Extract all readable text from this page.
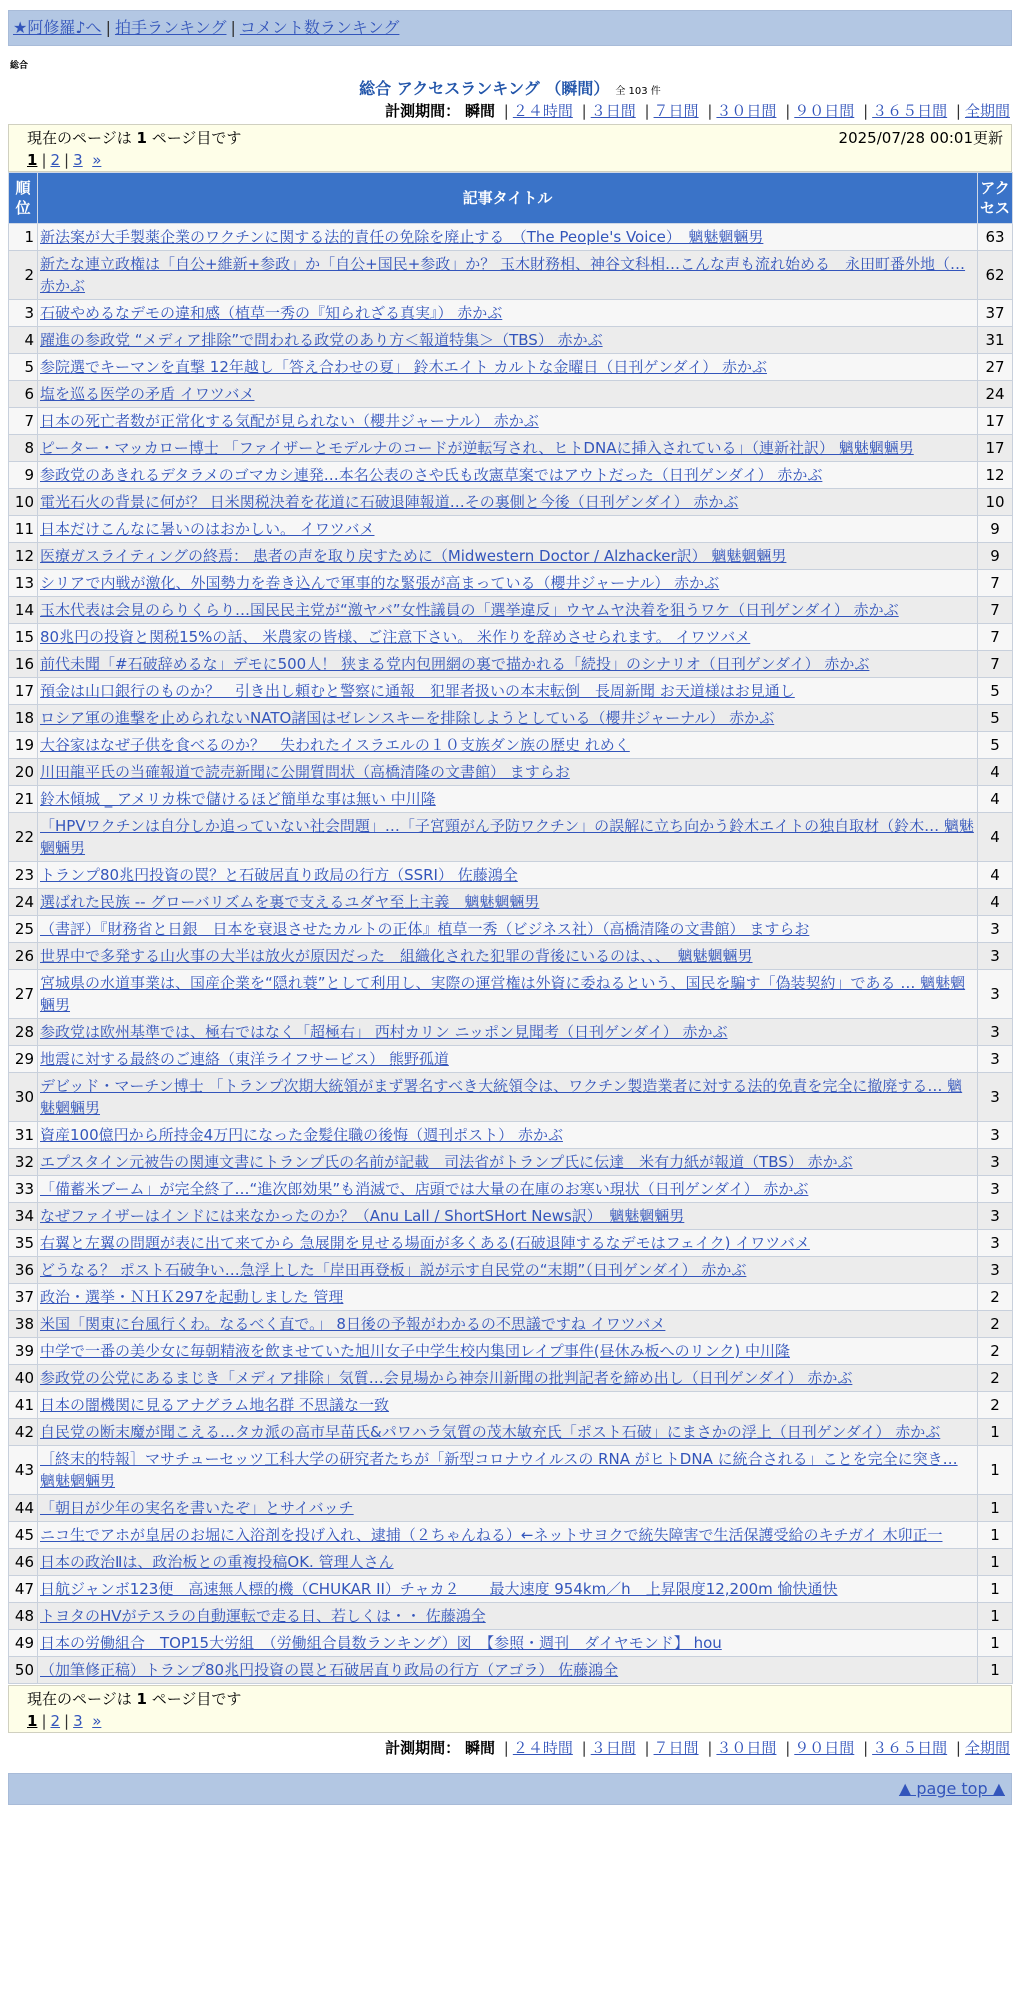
★阿修羅♪へ | 拍手ランキング | コメント数ランキング
総合
総合 アクセスランキング （瞬間） 全 103 件
計測期間： 瞬間 | ２４時間 | ３日間 | ７日間 | ３０日間 | ９０日間 | ３６５日間 | 全期間
現在のページは 1 ページ目です	2025/07/28 00:01更新
1 | 2 | 3 »
順位	記事タイトル	アクセス
1	新法案が大手製薬企業のワクチンに関する法的責任の免除を廃止する　（The People's Voice）　魑魅魍魎男	63
2	新たな連立政権は「自公+維新+参政」か「自公+国民+参政」か？ 玉木財務相、神谷文科相…こんな声も流れ始める　永田町番外地（… 赤かぶ	62
3	石破やめるなデモの違和感（植草一秀の『知られざる真実』） 赤かぶ	37
4	躍進の参政党 “メディア排除”で問われる政党のあり方＜報道特集＞（TBS） 赤かぶ	31
5	参院選でキーマンを直撃 12年越し「答え合わせの夏」 鈴木エイト カルトな金曜日（日刊ゲンダイ） 赤かぶ	27
6	塩を巡る医学の矛盾 イワツバメ	24
7	日本の死亡者数が正常化する気配が見られない（櫻井ジャーナル） 赤かぶ	17
8	ピーター・マッカロー博士 「ファイザーとモデルナのコードが逆転写され、ヒトDNAに挿入されている」（連新社訳） 魑魅魍魎男	17
9	参政党のあきれるデタラメのゴマカシ連発…本名公表のさや氏も改憲草案ではアウトだった（日刊ゲンダイ） 赤かぶ	12
10	電光石火の背景に何が？ 日米関税決着を花道に石破退陣報道…その裏側と今後（日刊ゲンダイ） 赤かぶ	10
11	日本だけこんなに暑いのはおかしい。 イワツバメ	9
12	医療ガスライティングの終焉： 患者の声を取り戻すために（Midwestern Doctor / Alzhacker訳） 魑魅魍魎男	9
13	シリアで内戦が激化、外国勢力を巻き込んで軍事的な緊張が高まっている（櫻井ジャーナル） 赤かぶ	7
14	玉木代表は会見のらりくらり…国民民主党が“激ヤバ”女性議員の「選挙違反」ウヤムヤ決着を狙うワケ（日刊ゲンダイ） 赤かぶ	7
15	80兆円の投資と関税15%の話、 米農家の皆様、ご注意下さい。 米作りを辞めさせられます。 イワツバメ	7
16	前代未聞「#石破辞めるな」デモに500人！ 狭まる党内包囲網の裏で描かれる「続投」のシナリオ（日刊ゲンダイ） 赤かぶ	7
17	預金は山口銀行のものか？　引き出し頼むと警察に通報　犯罪者扱いの本末転倒　長周新聞 お天道様はお見通し	5
18	ロシア軍の進撃を止められないNATO諸国はゼレンスキーを排除しようとしている（櫻井ジャーナル） 赤かぶ	5
19	大谷家はなぜ子供を食べるのか？　失われたイスラエルの１０支族ダン族の歴史 れめく	5
20	川田龍平氏の当確報道で読売新聞に公開質問状（高橋清隆の文書館） ますらお	4
21	鈴木傾城 _ アメリカ株で儲けるほど簡単な事は無い 中川隆	4
22	「HPVワクチンは自分しか追っていない社会問題」…「子宮頸がん予防ワクチン」の誤解に立ち向かう鈴木エイトの独自取材（鈴木… 魑魅魍魎男	4
23	トランプ80兆円投資の罠？と石破居直り政局の行方（SSRI） 佐藤鴻全	4
24	選ばれた民族 -- グローバリズムを裏で支えるユダヤ至上主義　魑魅魍魎男	4
25	（書評）『財務省と日銀　日本を衰退させたカルトの正体』植草一秀（ビジネス社）（高橋清隆の文書館） ますらお	3
26	世界中で多発する山火事の大半は放火が原因だった　組織化された犯罪の背後にいるのは、、、　魑魅魍魎男	3
27	宮城県の水道事業は、国産企業を“隠れ蓑”として利用し、実際の運営権は外資に委ねるという、国民を騙す「偽装契約」である … 魑魅魍魎男	3
28	参政党は欧州基準では、極右ではなく「超極右」 西村カリン ニッポン見聞考（日刊ゲンダイ） 赤かぶ	3
29	地震に対する最終のご連絡（東洋ライフサービス） 熊野孤道	3
30	デビッド・マーチン博士 「トランプ次期大統領がまず署名すべき大統領令は、ワクチン製造業者に対する法的免責を完全に撤廃する… 魑魅魍魎男	3
31	資産100億円から所持金4万円になった金髪住職の後悔（週刊ポスト） 赤かぶ	3
32	エプスタイン元被告の関連文書にトランプ氏の名前が記載　司法省がトランプ氏に伝達　米有力紙が報道（TBS） 赤かぶ	3
33	「備蓄米ブーム」が完全終了…“進次郎効果”も消滅で、店頭では大量の在庫のお寒い現状（日刊ゲンダイ） 赤かぶ	3
34	なぜファイザーはインドには来なかったのか？（Anu Lall / ShortSHort News訳）　魑魅魍魎男	3
35	右翼と左翼の問題が表に出て来てから 急展開を見せる場面が多くある(石破退陣するなデモはフェイク) イワツバメ	3
36	どうなる？ ポスト石破争い…急浮上した「岸田再登板」説が示す自民党の“末期”（日刊ゲンダイ） 赤かぶ	3
37	政治・選挙・ＮＨＫ297を起動しました 管理	2
38	米国「関東に台風行くわ。なるべく直で。」 8日後の予報がわかるの不思議ですね イワツバメ	2
39	中学で一番の美少女に毎朝精液を飲ませていた旭川女子中学生校内集団レイプ事件(昼休み板へのリンク) 中川隆	2
40	参政党の公党にあるまじき「メディア排除」気質…会見場から神奈川新聞の批判記者を締め出し（日刊ゲンダイ） 赤かぶ	2
41	日本の闇機関に見るアナグラム地名群 不思議な一致	2
42	自民党の断末魔が聞こえる…タカ派の高市早苗氏&パワハラ気質の茂木敏充氏「ポスト石破」にまさかの浮上（日刊ゲンダイ） 赤かぶ	1
43	［終末的特報］マサチューセッツ工科大学の研究者たちが「新型コロナウイルスの RNA がヒトDNA に統合される」ことを完全に突き… 魑魅魍魎男	1
44	「朝日が少年の実名を書いたぞ」とサイバッチ	1
45	ニコ生でアホが皇居のお堀に入浴剤を投げ入れ、逮捕（２ちゃんねる）←ネットサヨクで統失障害で生活保護受給のキチガイ 木卯正一	1
46	日本の政治Ⅱは、政治板との重複投稿OK. 管理人さん	1
47	日航ジャンボ123便　高速無人標的機（CHUKAR II）チャカ２　　最大速度 954km／h　上昇限度12,200m 愉快通快	1
48	トヨタのHVがテスラの自動運転で走る日、若しくは・・ 佐藤鴻全	1
49	日本の労働組合　TOP15大労組　（労働組合員数ランキング）図　【参照・週刊　ダイヤモンド】 hou	1
50	（加筆修正稿）トランプ80兆円投資の罠と石破居直り政局の行方（アゴラ） 佐藤鴻全	1
現在のページは 1 ページ目です
1 | 2 | 3 »
計測期間： 瞬間 | ２４時間 | ３日間 | ７日間 | ３０日間 | ９０日間 | ３６５日間 | 全期間
▲ page top ▲
